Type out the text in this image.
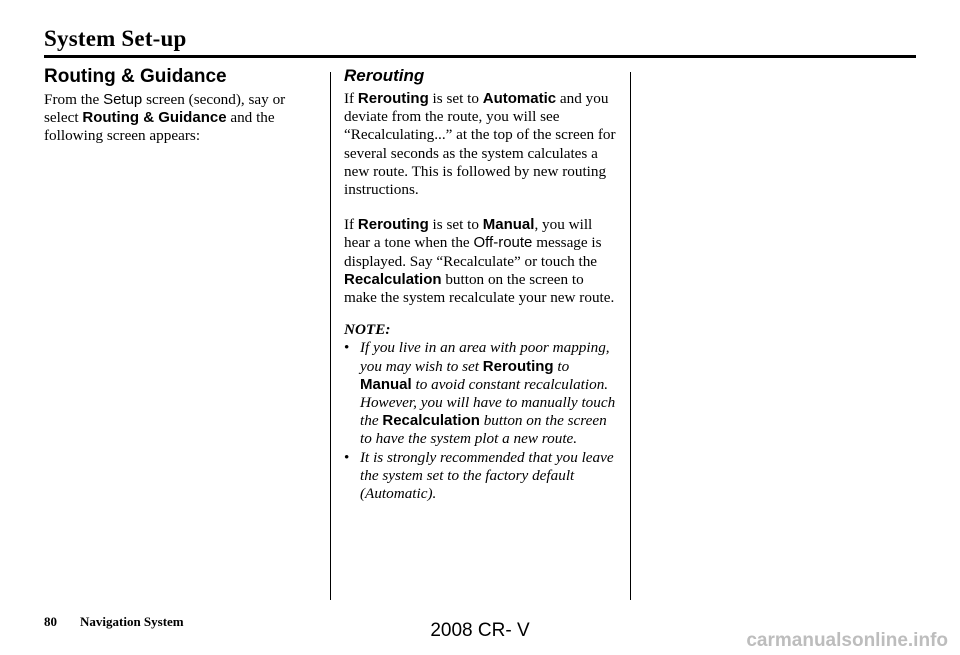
System Set-up
Routing & Guidance

From the Setup screen (second), say or select Routing & Guidance and the following screen appears:

Rerouting

If Rerouting is set to Automatic and you deviate from the route, you will see “Recalculating...” at the top of the screen for several seconds as the system calculates a new route. This is followed by new routing instructions.

If Rerouting is set to Manual, you will hear a tone when the Off-route message is displayed. Say “Recalculate” or touch the Recalculation button on the screen to make the system recalculate your new route.

NOTE:
• If you live in an area with poor mapping, you may wish to set Rerouting to Manual to avoid constant recalculation. However, you will have to manually touch the Recalculation button on the screen to have the system plot a new route.
• It is strongly recommended that you leave the system set to the factory default (Automatic).
80 Navigation System	2008 CR- V	carmanualsonline.info
